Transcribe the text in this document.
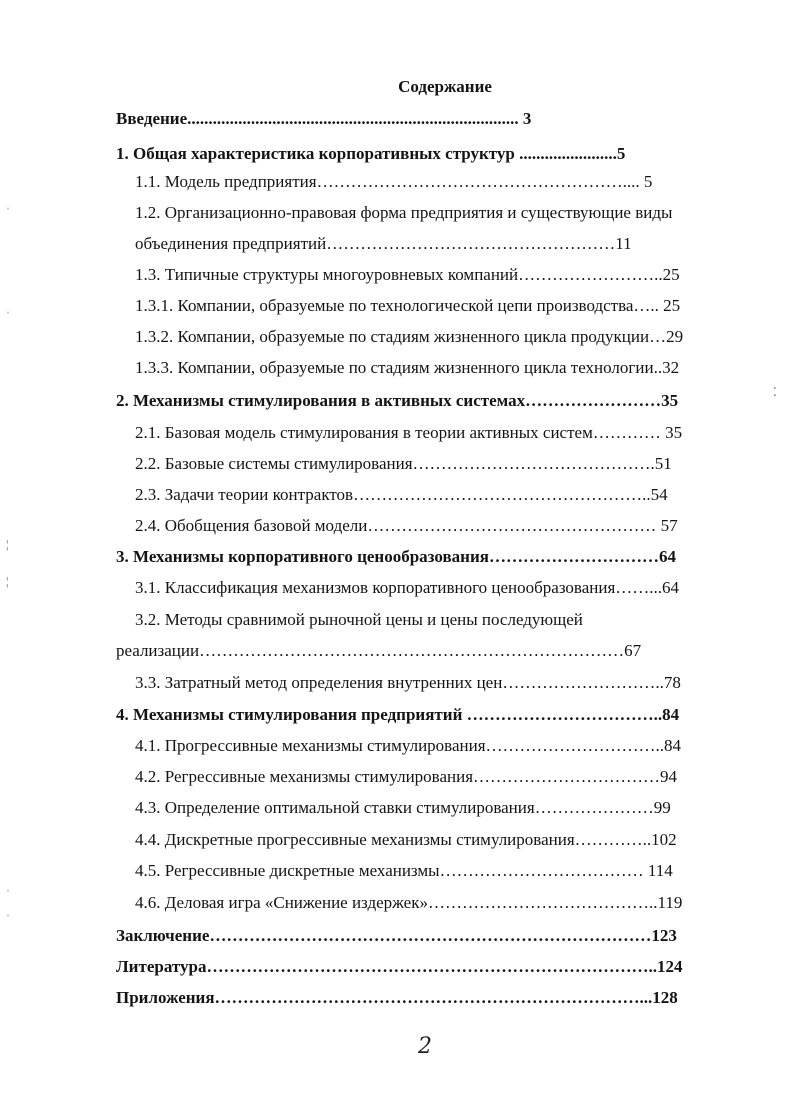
Содержание
Введение.............................................................................. 3
1. Общая характеристика корпоративных структур .......................5
1.1. Модель предприятия……………………………………………….... 5
1.2. Организационно-правовая форма предприятия и существующие виды
объединения предприятий……………………………………………11
1.3. Типичные структуры многоуровневых компаний……………………..25
1.3.1. Компании, образуемые по технологической цепи производства….. 25
1.3.2. Компании, образуемые по стадиям жизненного цикла продукции…29
1.3.3. Компании, образуемые по стадиям жизненного цикла технологии..32
2. Механизмы стимулирования в активных системах……………………35
2.1. Базовая модель стимулирования в теории активных систем………… 35
2.2. Базовые системы стимулирования…………………………………….51
2.3. Задачи теории контрактов……………………………………………..54
2.4. Обобщения базовой модели…………………………………………… 57
3. Механизмы корпоративного ценообразования…………………………64
3.1. Классификация механизмов корпоративного ценообразования……...64
3.2. Методы сравнимой рыночной цены и цены последующей
реализации…………………………………………………………………67
3.3. Затратный метод определения внутренних цен………………………..78
4. Механизмы стимулирования предприятий ……………………………..84
4.1. Прогрессивные механизмы стимулирования…………………………..84
4.2. Регрессивные механизмы стимулирования……………………………94
4.3. Определение оптимальной ставки стимулирования…………………99
4.4. Дискретные прогрессивные механизмы стимулирования…………..102
4.5. Регрессивные дискретные механизмы……………………………… 114
4.6. Деловая игра «Снижение издержек»…………………………………..119
Заключение……………………………………………………………………123
Литература……………………………………………………………………..124
Приложения…………………………………………………………………...128
ˌ
ˌ
¦
¦
ˌ
ˌ
⁚
2
